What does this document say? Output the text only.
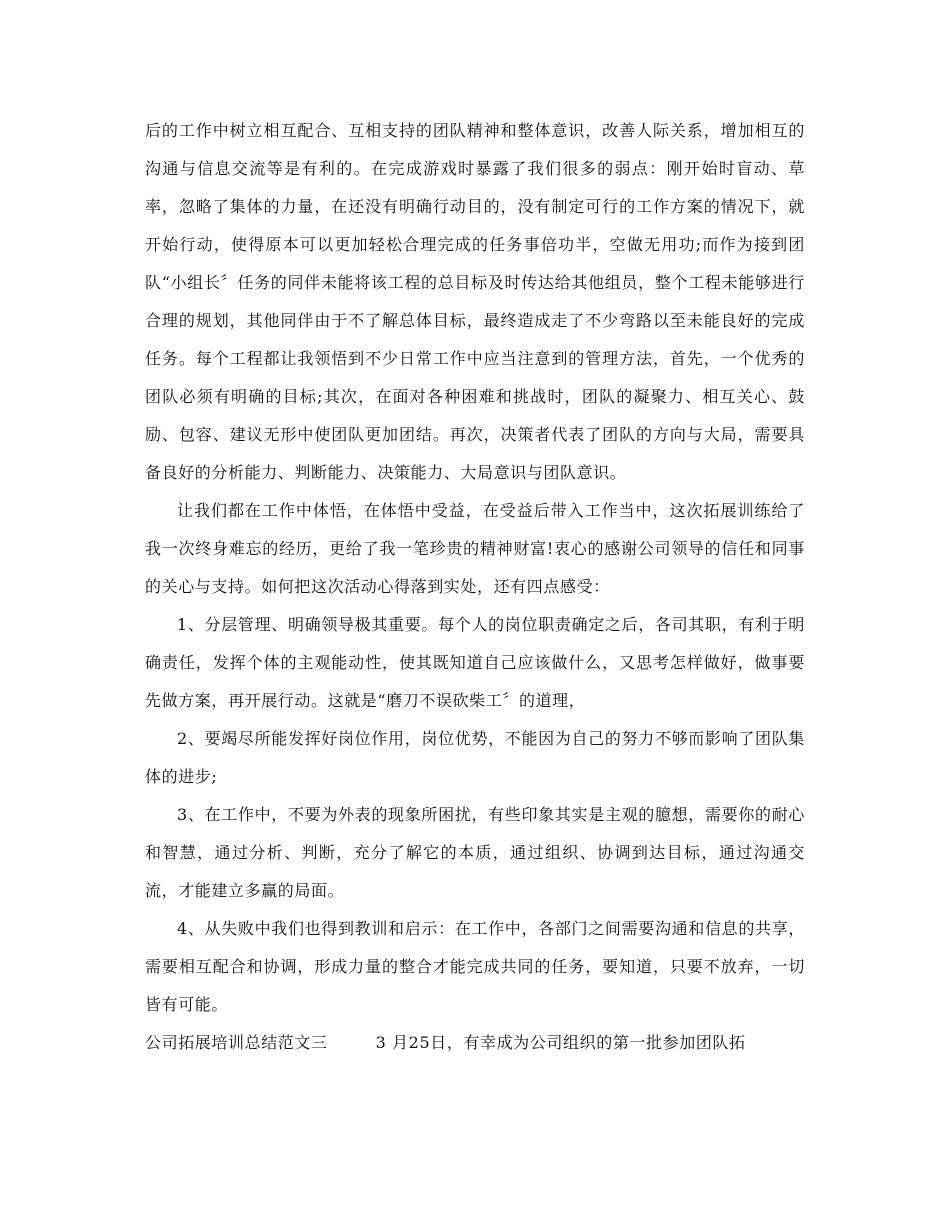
后的工作中树立相互配合、互相支持的团队精神和整体意识，改善人际关系，增加相互的沟通与信息交流等是有利的。在完成游戏时暴露了我们很多的弱点：刚开始时盲动、草率，忽略了集体的力量，在还没有明确行动目的，没有制定可行的工作方案的情况下，就开始行动，使得原本可以更加轻松合理完成的任务事倍功半，空做无用功;而作为接到团队“小组长〞任务的同伴未能将该工程的总目标及时传达给其他组员，整个工程未能够进行合理的规划，其他同伴由于不了解总体目标，最终造成走了不少弯路以至未能良好的完成任务。每个工程都让我领悟到不少日常工作中应当注意到的管理方法，首先，一个优秀的团队必须有明确的目标;其次，在面对各种困难和挑战时，团队的凝聚力、相互关心、鼓励、包容、建议无形中使团队更加团结。再次，决策者代表了团队的方向与大局，需要具备良好的分析能力、判断能力、决策能力、大局意识与团队意识。

让我们都在工作中体悟，在体悟中受益，在受益后带入工作当中，这次拓展训练给了我一次终身难忘的经历，更给了我一笔珍贵的精神财富!衷心的感谢公司领导的信任和同事的关心与支持。如何把这次活动心得落到实处，还有四点感受：

1、分层管理、明确领导极其重要。每个人的岗位职责确定之后，各司其职，有利于明确责任，发挥个体的主观能动性，使其既知道自己应该做什么，又思考怎样做好，做事要先做方案，再开展行动。这就是“磨刀不误砍柴工〞的道理，

2、要竭尽所能发挥好岗位作用，岗位优势，不能因为自己的努力不够而影响了团队集体的进步;

3、在工作中，不要为外表的现象所困扰，有些印象其实是主观的臆想，需要你的耐心和智慧，通过分析、判断，充分了解它的本质，通过组织、协调到达目标，通过沟通交流，才能建立多赢的局面。

4、从失败中我们也得到教训和启示：在工作中，各部门之间需要沟通和信息的共享，需要相互配合和协调，形成力量的整合才能完成共同的任务，要知道，只要不放弃，一切皆有可能。

公司拓展培训总结范文三	3 月25日，有幸成为公司组织的第一批参加团队拓
